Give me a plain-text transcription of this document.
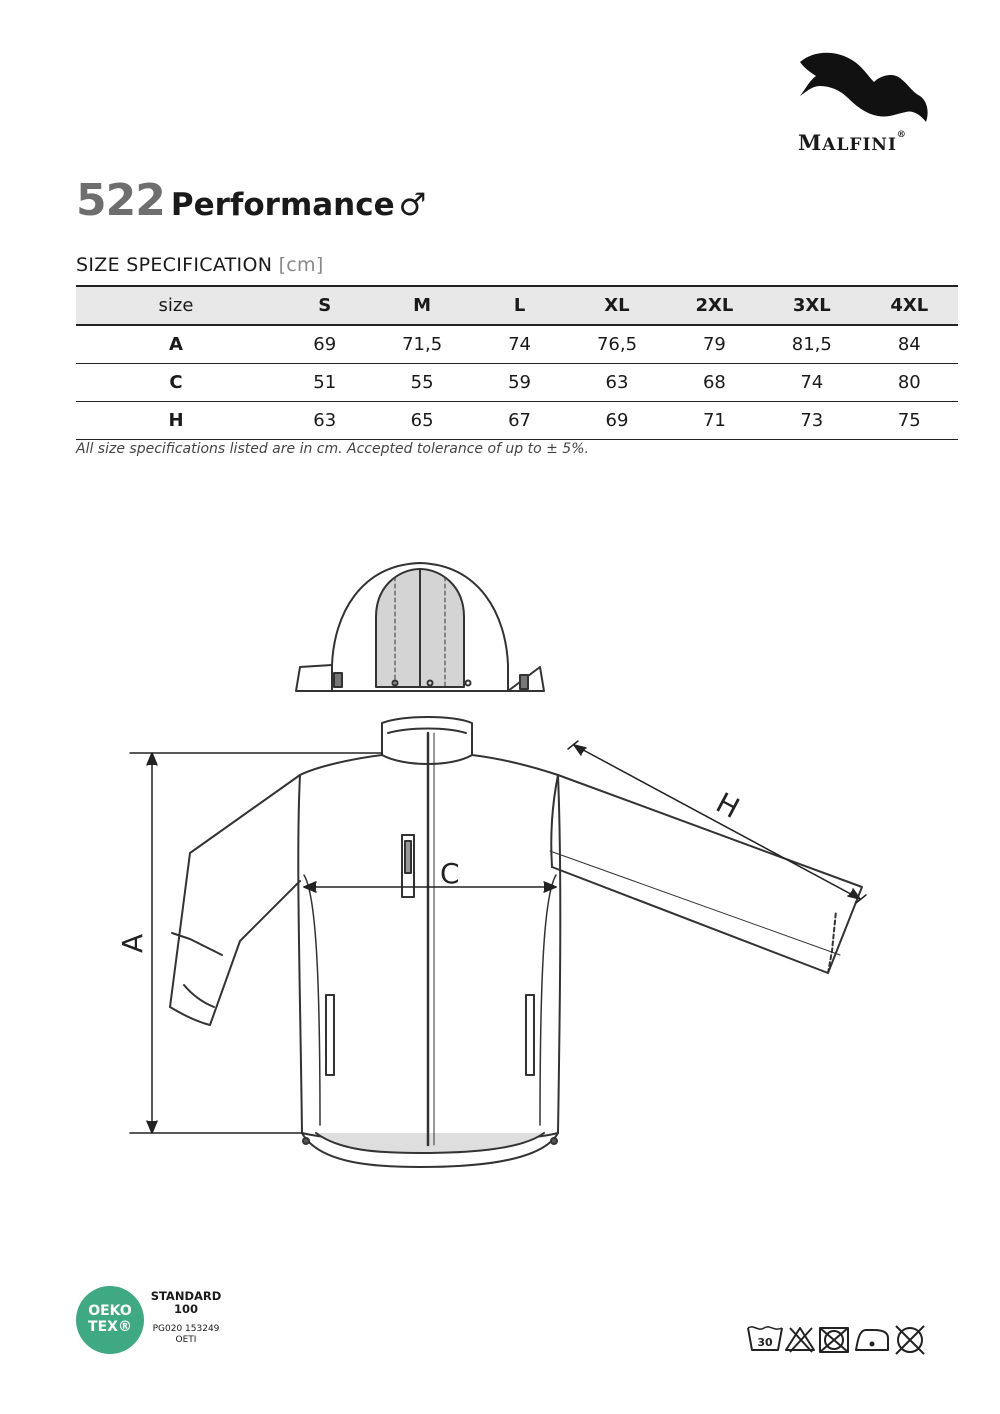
MALFINI®
522 Performance ♂
SIZE SPECIFICATION [cm]
size	S	M	L	XL	2XL	3XL	4XL
A	69	71,5	74	76,5	79	81,5	84
C	51	55	59	63	68	74	80
H	63	65	67	69	71	73	75
All size specifications listed are in cm. Accepted tolerance of up to ± 5%.
A
C
H
OEKO
TEX®
STANDARD
100
PG020 153249
OETI	30
